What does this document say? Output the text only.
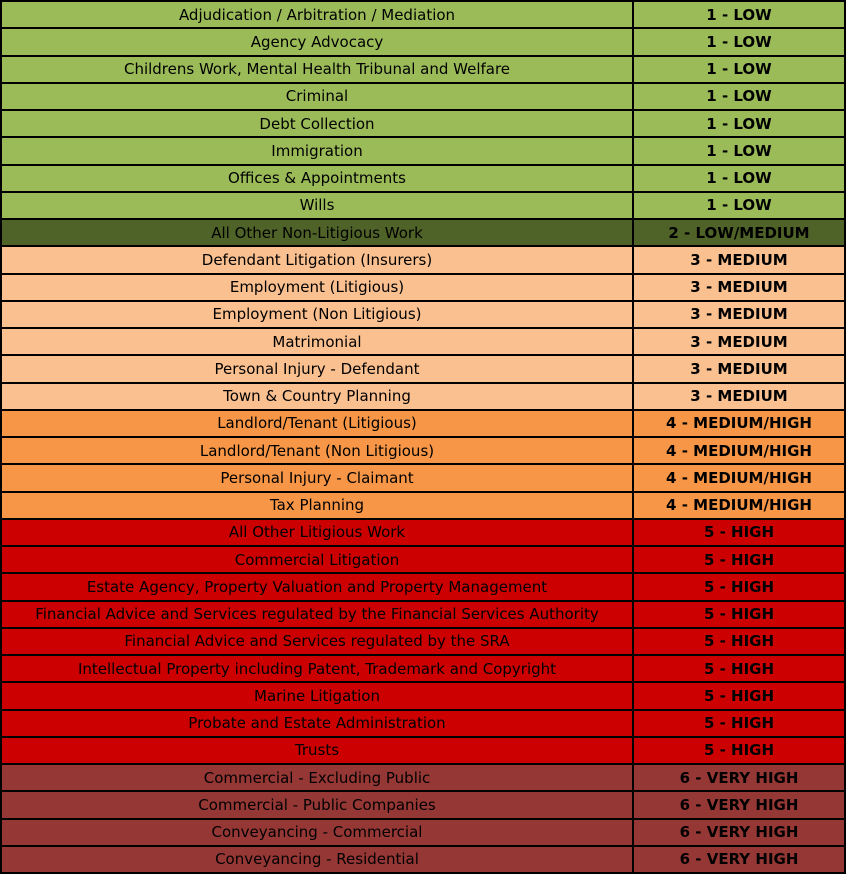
Adjudication / Arbitration / Mediation	1 - LOW
Agency Advocacy	1 - LOW
Childrens Work, Mental Health Tribunal and Welfare	1 - LOW
Criminal	1 - LOW
Debt Collection	1 - LOW
Immigration	1 - LOW
Offices & Appointments	1 - LOW
Wills	1 - LOW
All Other Non-Litigious Work	2 - LOW/MEDIUM
Defendant Litigation (Insurers)	3 - MEDIUM
Employment (Litigious)	3 - MEDIUM
Employment (Non Litigious)	3 - MEDIUM
Matrimonial	3 - MEDIUM
Personal Injury - Defendant	3 - MEDIUM
Town & Country Planning	3 - MEDIUM
Landlord/Tenant (Litigious)	4 - MEDIUM/HIGH
Landlord/Tenant (Non Litigious)	4 - MEDIUM/HIGH
Personal Injury - Claimant	4 - MEDIUM/HIGH
Tax Planning	4 - MEDIUM/HIGH
All Other Litigious Work	5 - HIGH
Commercial Litigation	5 - HIGH
Estate Agency, Property Valuation and Property Management	5 - HIGH
Financial Advice and Services regulated by the Financial Services Authority	5 - HIGH
Financial Advice and Services regulated by the SRA	5 - HIGH
Intellectual Property including Patent, Trademark and Copyright	5 - HIGH
Marine Litigation	5 - HIGH
Probate and Estate Administration	5 - HIGH
Trusts	5 - HIGH
Commercial - Excluding Public	6 - VERY HIGH
Commercial - Public Companies	6 - VERY HIGH
Conveyancing - Commercial	6 - VERY HIGH
Conveyancing - Residential	6 - VERY HIGH
